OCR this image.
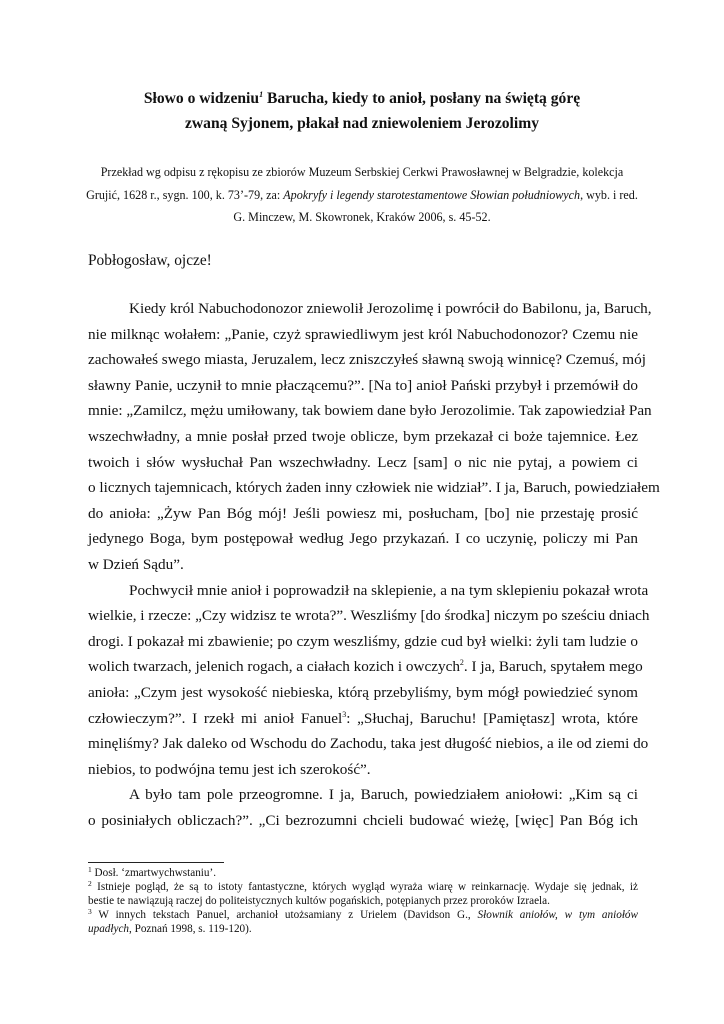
Słowo o widzeniu$^1$ Barucha, kiedy to anioł, posłany na świętą górę
zwaną Syjonem, płakał nad zniewoleniem Jerozolimy
Przekład wg odpisu z rękopisu ze zbiorów Muzeum Serbskiej Cerkwi Prawosławnej w Belgradzie, kolekcja
Grujić, 1628 r., sygn. 100, k. 73’-79, za: Apokryfy i legendy starotestamentowe Słowian południowych, wyb. i red.
G. Minczew, M. Skowronek, Kraków 2006, s. 45-52.
Pobłogosław, ojcze!
Kiedy król Nabuchodonozor zniewolił Jerozolimę i powrócił do Babilonu, ja, Baruch,
nie milknąc wołałem: „Panie, czyż sprawiedliwym jest król Nabuchodonozor? Czemu nie
zachowałeś swego miasta, Jeruzalem, lecz zniszczyłeś sławną swoją winnicę? Czemuś, mój
sławny Panie, uczynił to mnie płaczącemu?”. [Na to] anioł Pański przybył i przemówił do
mnie: „Zamilcz, mężu umiłowany, tak bowiem dane było Jerozolimie. Tak zapowiedział Pan
wszechwładny, a mnie posłał przed twoje oblicze, bym przekazał ci boże tajemnice. Łez
twoich i słów wysłuchał Pan wszechwładny. Lecz [sam] o nic nie pytaj, a powiem ci
o licznych tajemnicach, których żaden inny człowiek nie widział”. I ja, Baruch, powiedziałem
do anioła: „Żyw Pan Bóg mój! Jeśli powiesz mi, posłucham, [bo] nie przestaję prosić
jedynego Boga, bym postępował według Jego przykazań. I co uczynię, policzy mi Pan
w Dzień Sądu”.
Pochwycił mnie anioł i poprowadził na sklepienie, a na tym sklepieniu pokazał wrota
wielkie, i rzecze: „Czy widzisz te wrota?”. Weszliśmy [do środka] niczym po sześciu dniach
drogi. I pokazał mi zbawienie; po czym weszliśmy, gdzie cud był wielki: żyli tam ludzie o
wolich twarzach, jelenich rogach, a ciałach kozich i owczych$^2$. I ja, Baruch, spytałem mego
anioła: „Czym jest wysokość niebieska, którą przebyliśmy, bym mógł powiedzieć synom
człowieczym?”. I rzekł mi anioł Fanuel$^3$: „Słuchaj, Baruchu! [Pamiętasz] wrota, które
minęliśmy? Jak daleko od Wschodu do Zachodu, taka jest długość niebios, a ile od ziemi do
niebios, to podwójna temu jest ich szerokość”.
A było tam pole przeogromne. I ja, Baruch, powiedziałem aniołowi: „Kim są ci
o posiniałych obliczach?”. „Ci bezrozumni chcieli budować wieżę, [więc] Pan Bóg ich
$^1$ Dosł. ‘zmartwychwstaniu’.
$^2$ Istnieje pogląd, że są to istoty fantastyczne, których wygląd wyraża wiarę w reinkarnację. Wydaje się jednak, iż
bestie te nawiązują raczej do politeistycznych kultów pogańskich, potępianych przez proroków Izraela.
$^3$ W innych tekstach Panuel, archanioł utożsamiany z Urielem (Davidson G., Słownik aniołów, w tym aniołów
upadłych, Poznań 1998, s. 119-120).
